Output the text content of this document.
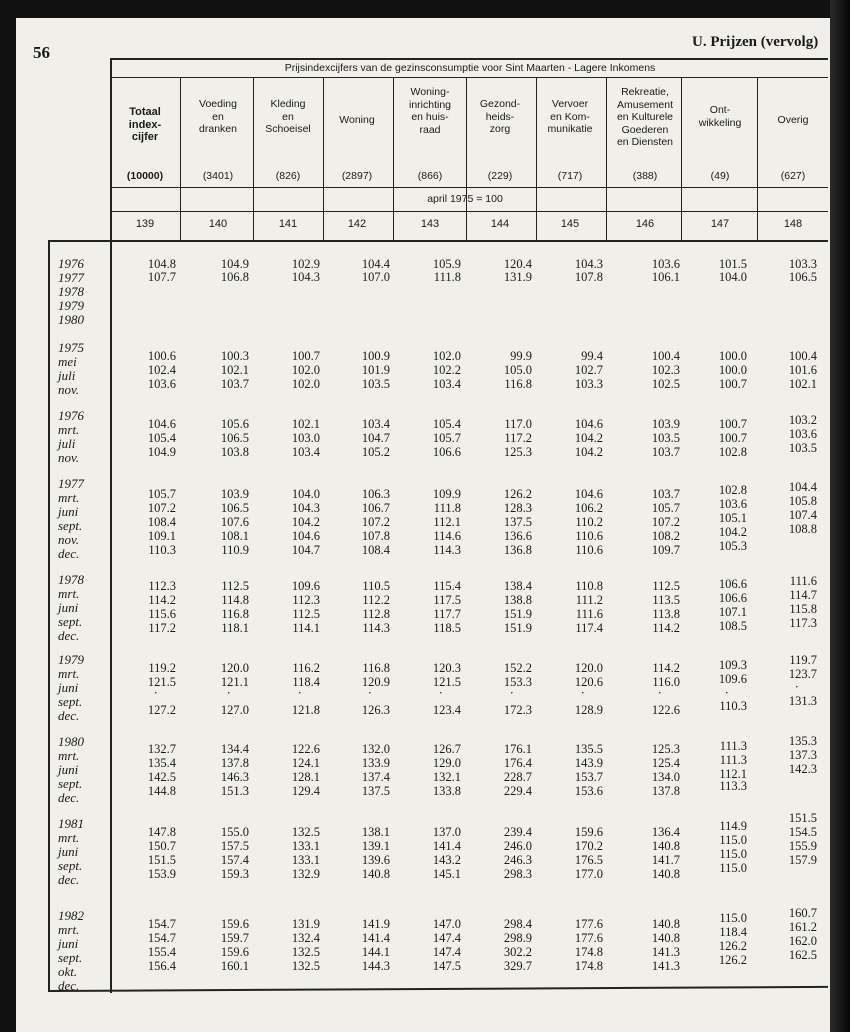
56
U. Prijzen (vervolg)
Prijsindexcijfers van de gezinsconsumptie voor Sint Maarten - Lagere Inkomens
april 1975 = 100
Totaal
index-
cijfer
(10000)
139
Voeding
en
dranken
(3401)
140
Kleding
en
Schoeisel
(826)
141
Woning
(2897)
142
Woning-
inrichting
en huis-
raad
(866)
143
Gezond-
heids-
zorg
(229)
144
Vervoer
en Kom-
munikatie
(717)
145
Rekreatie,
Amusement
en Kulturele
Goederen
en Diensten
(388)
146
Ont-
wikkeling
(49)
147
Overig
(627)
148
1976
1977
1978
1979
1980
1975
mei
juli
nov.
1976
mrt.
juli
nov.
1977
mrt.
juni
sept.
nov.
dec.
1978
mrt.
juni
sept.
dec.
1979
mrt.
juni
sept.
dec.
1980
mrt.
juni
sept.
dec.
1981
mrt.
juni
sept.
dec.
1982
mrt.
juni
sept.
okt.
dec.
104.8
107.7
100.6
102.4
103.6
104.6
105.4
104.9
105.7
107.2
108.4
109.1
110.3
112.3
114.2
115.6
117.2
119.2
121.5
127.2
132.7
135.4
142.5
144.8
147.8
150.7
151.5
153.9
154.7
154.7
155.4
156.4
·
104.9
106.8
100.3
102.1
103.7
105.6
106.5
103.8
103.9
106.5
107.6
108.1
110.9
112.5
114.8
116.8
118.1
120.0
121.1
127.0
134.4
137.8
146.3
151.3
155.0
157.5
157.4
159.3
159.6
159.7
159.6
160.1
·
102.9
104.3
100.7
102.0
102.0
102.1
103.0
103.4
104.0
104.3
104.2
104.6
104.7
109.6
112.3
112.5
114.1
116.2
118.4
121.8
122.6
124.1
128.1
129.4
132.5
133.1
133.1
132.9
131.9
132.4
132.5
132.5
·
104.4
107.0
100.9
101.9
103.5
103.4
104.7
105.2
106.3
106.7
107.2
107.8
108.4
110.5
112.2
112.8
114.3
116.8
120.9
126.3
132.0
133.9
137.4
137.5
138.1
139.1
139.6
140.8
141.9
141.4
144.1
144.3
·
105.9
111.8
102.0
102.2
103.4
105.4
105.7
106.6
109.9
111.8
112.1
114.6
114.3
115.4
117.5
117.7
118.5
120.3
121.5
123.4
126.7
129.0
132.1
133.8
137.0
141.4
143.2
145.1
147.0
147.4
147.4
147.5
·
120.4
131.9
99.9
105.0
116.8
117.0
117.2
125.3
126.2
128.3
137.5
136.6
136.8
138.4
138.8
151.9
151.9
152.2
153.3
172.3
176.1
176.4
228.7
229.4
239.4
246.0
246.3
298.3
298.4
298.9
302.2
329.7
·
104.3
107.8
99.4
102.7
103.3
104.6
104.2
104.2
104.6
106.2
110.2
110.6
110.6
110.8
111.2
111.6
117.4
120.0
120.6
128.9
135.5
143.9
153.7
153.6
159.6
170.2
176.5
177.0
177.6
177.6
174.8
174.8
·
103.6
106.1
100.4
102.3
102.5
103.9
103.5
103.7
103.7
105.7
107.2
108.2
109.7
112.5
113.5
113.8
114.2
114.2
116.0
122.6
125.3
125.4
134.0
137.8
136.4
140.8
141.7
140.8
140.8
140.8
141.3
141.3
·
101.5
104.0
100.0
100.0
100.7
100.7
100.7
102.8
102.8
103.6
105.1
104.2
105.3
106.6
106.6
107.1
108.5
109.3
109.6
110.3
111.3
111.3
112.1
113.3
114.9
115.0
115.0
115.0
115.0
118.4
126.2
126.2
·
103.3
106.5
100.4
101.6
102.1
103.2
103.6
103.5
104.4
105.8
107.4
108.8
111.6
114.7
115.8
117.3
119.7
123.7
131.3
135.3
137.3
142.3
151.5
154.5
155.9
157.9
160.7
161.2
162.0
162.5
·
